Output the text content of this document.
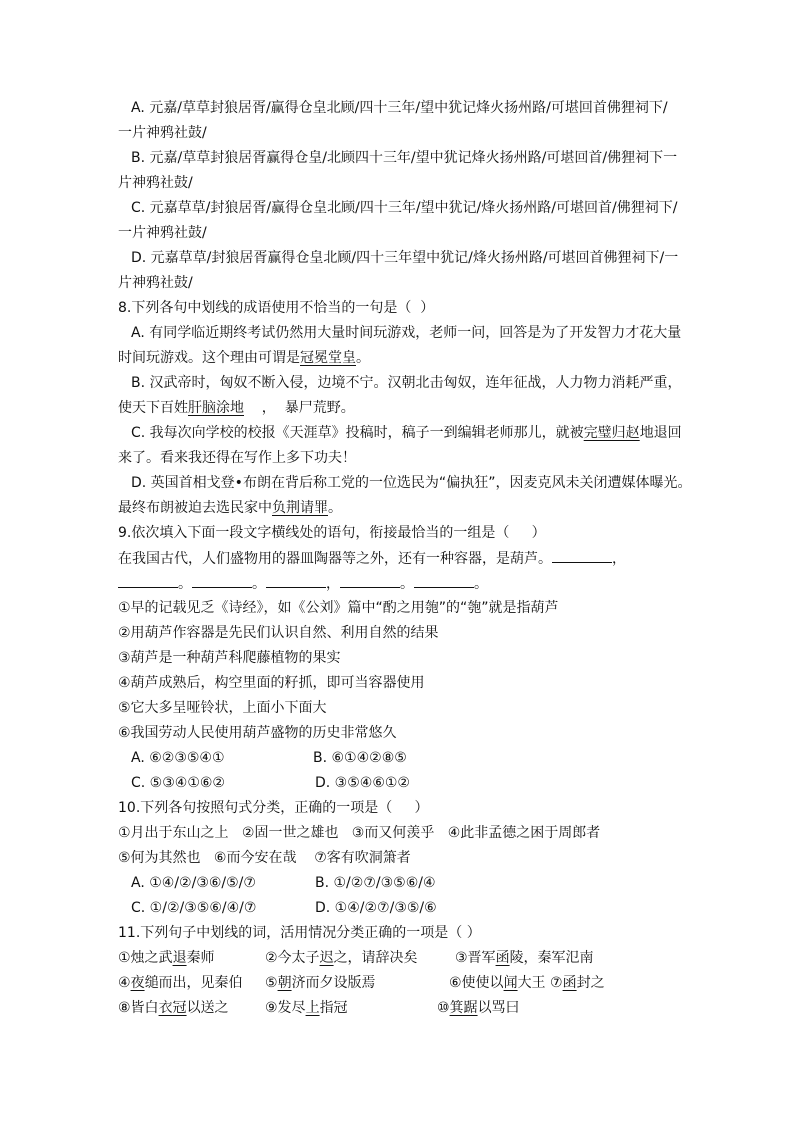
A. 元嘉/草草封狼居胥/赢得仓皇北顾/四十三年/望中犹记烽火扬州路/可堪回首佛狸祠下/
一片神鸦社鼓/
B. 元嘉/草草封狼居胥赢得仓皇/北顾四十三年/望中犹记烽火扬州路/可堪回首/佛狸祠下一
片神鸦社鼓/
C. 元嘉草草/封狼居胥/赢得仓皇北顾/四十三年/望中犹记/烽火扬州路/可堪回首/佛狸祠下/
一片神鸦社鼓/
D. 元嘉草草/封狼居胥赢得仓皇北顾/四十三年望中犹记/烽火扬州路/可堪回首佛狸祠下/一
片神鸦社鼓/
8.下列各句中划线的成语使用不恰当的一句是（  ）
A. 有同学临近期终考试仍然用大量时间玩游戏，老师一问，回答是为了开发智力才花大量
时间玩游戏。这个理由可谓是冠冕堂皇。
B. 汉武帝时，匈奴不断入侵，边境不宁。汉朝北击匈奴，连年征战，人力物力消耗严重，
使天下百姓肝脑涂地    ，  暴尸荒野。
C. 我每次向学校的校报《天涯草》投稿时，稿子一到编辑老师那儿，就被完璧归赵地退回
来了。看来我还得在写作上多下功夫！
D. 英国首相戈登•布朗在背后称工党的一位选民为“偏执狂”，因麦克风未关闭遭媒体曝光。
最终布朗被迫去选民家中负荆请罪。
9.依次填入下面一段文字横线处的语句，衔接最恰当的一组是（     ）
在我国古代，人们盛物用的器皿陶器等之外，还有一种容器，是葫芦。	，
。	。	，	。	。
①早的记载见乏《诗经》，如《公刘》篇中“酌之用匏”的“匏”就是指葫芦
②用葫芦作容器是先民们认识自然、利用自然的结果
③葫芦是一种葫芦科爬藤植物的果实
④葫芦成熟后，构空里面的籽抓，即可当容器使用
⑤它大多呈哑铃状，上面小下面大
⑥我国劳动人民使用葫芦盛物的历史非常悠久
A. ⑥②③⑤④①	B. ⑥①④②⑧⑤
C. ⑤③④①⑥②	D. ③⑤④⑥①②
10.下列各句按照句式分类，正确的一项是（     ）
①月出于东山之上   ②固一世之雄也   ③而又何羡乎   ④此非孟德之困于周郎者
⑤何为其然也   ⑥而今安在哉    ⑦客有吹洞箫者
A. ①④/②/③⑥/⑤/⑦	B. ①/②⑦/③⑤⑥/④
C. ①/②/③⑤⑥/④/⑦	D. ①④/②⑦/③⑤/⑥
11.下列句子中划线的词，活用情况分类正确的一项是（ ）
①烛之武退秦师	②今太子迟之，请辞决矣	③晋军函陵，秦军氾南
④夜缒而出，见秦伯 ⑤朝济而夕设版焉	⑥使使以闻大王 ⑦函封之
⑧皆白衣冠以送之	⑨发尽上指冠	⑩箕踞以骂曰
